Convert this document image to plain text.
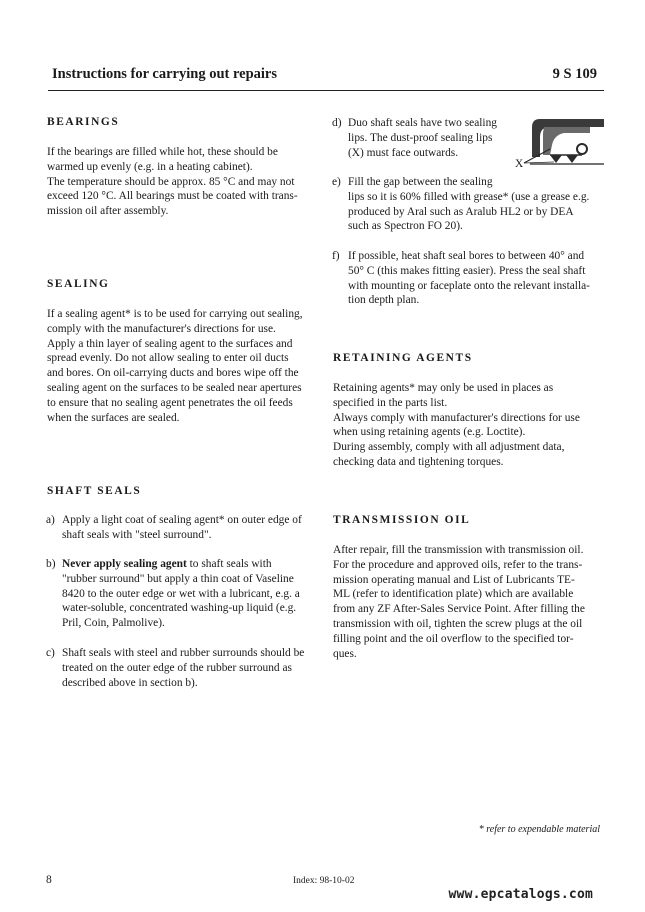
Instructions for carrying out repairs	9 S 109
BEARINGS
If the bearings are filled while hot, these should be
warmed up evenly (e.g. in a heating cabinet).
The temperature should be approx. 85 °C and may not
exceed 120 °C. All bearings must be coated with trans-
mission oil after assembly.
SEALING
If a sealing agent* is to be used for carrying out sealing,
comply with the manufacturer's directions for use.
Apply a thin layer of sealing agent to the surfaces and
spread evenly. Do not allow sealing to enter oil ducts
and bores. On oil-carrying ducts and bores wipe off the
sealing agent on the surfaces to be sealed near apertures
to ensure that no sealing agent penetrates the oil feeds
when the surfaces are sealed.
SHAFT SEALS
a) Apply a light coat of sealing agent* on outer edge of
shaft seals with "steel surround".
b) Never apply sealing agent to shaft seals with
"rubber surround" but apply a thin coat of Vaseline
8420 to the outer edge or wet with a lubricant, e.g. a
water-soluble, concentrated washing-up liquid (e.g.
Pril, Coin, Palmolive).
c) Shaft seals with steel and rubber surrounds should be
treated on the outer edge of the rubber surround as
described above in section b).
d) Duo shaft seals have two sealing
lips. The dust-proof sealing lips
(X) must face outwards.
X
e) Fill the gap between the sealing
lips so it is 60% filled with grease* (use a grease e.g.
produced by Aral such as Aralub HL2 or by DEA
such as Spectron FO 20).
f) If possible, heat shaft seal bores to between 40° and
50° C (this makes fitting easier). Press the seal shaft
with mounting or faceplate onto the relevant installa-
tion depth plan.
RETAINING AGENTS
Retaining agents* may only be used in places as
specified in the parts list.
Always comply with manufacturer's directions for use
when using retaining agents (e.g. Loctite).
During assembly, comply with all adjustment data,
checking data and tightening torques.
TRANSMISSION OIL
After repair, fill the transmission with transmission oil.
For the procedure and approved oils, refer to the trans-
mission operating manual and List of Lubricants TE-
ML (refer to identification plate) which are available
from any ZF After-Sales Service Point. After filling the
transmission with oil, tighten the screw plugs at the oil
filling point and the oil overflow to the specified tor-
ques.
* refer to expendable material
8	Index: 98-10-02
www.epcatalogs.com
